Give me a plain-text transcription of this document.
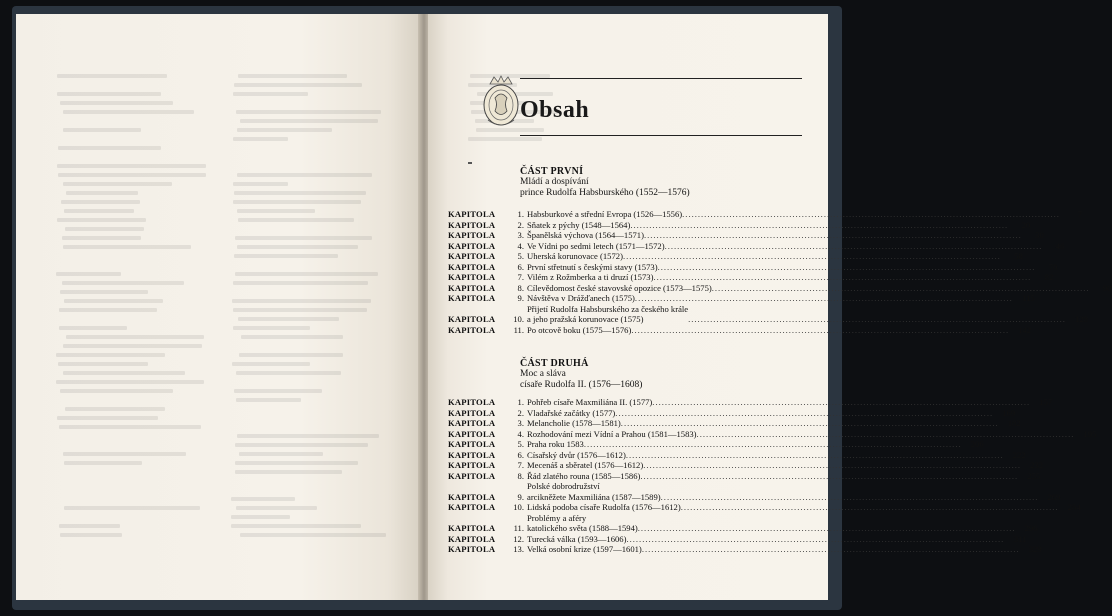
Obsah
ČÁST PRVNÍ
Mládí a dospívání
prince Rudolfa Habsburského (1552—1576)
KAPITOLA	1. Habsburkové a střední Evropa (1526—1556) ........................................................................................................................	7
KAPITOLA	2. Sňatek z pýchy (1548—1564) ........................................................................................................................	20
KAPITOLA	3. Španělská výchova (1564—1571) ........................................................................................................................	30
KAPITOLA	4. Ve Vídni po sedmi letech (1571—1572) ........................................................................................................................	46
KAPITOLA	5. Uherská korunovace (1572) ........................................................................................................................	58
KAPITOLA	6. První střetnutí s českými stavy (1573) ........................................................................................................................	70
KAPITOLA	7. Vilém z Rožmberka a ti druzí (1573) ........................................................................................................................	82
KAPITOLA	8. Cílevědomost české stavovské opozice (1573—1575) ........................................................................................................................	98
KAPITOLA	9. Návštěva v Drážďanech (1575) ........................................................................................................................	115
KAPITOLA	10.
Přijetí Rudolfa Habsburského za českého krále
a jeho pražská korunovace (1575)	........................................................................................................................	128
KAPITOLA	11. Po otcově boku (1575—1576) ........................................................................................................................	142
ČÁST DRUHÁ
Moc a sláva
císaře Rudolfa II. (1576—1608)
KAPITOLA	1. Pohřeb císaře Maxmiliána II. (1577) ........................................................................................................................	157
KAPITOLA	2. Vladařské začátky (1577) ........................................................................................................................	169
KAPITOLA	3. Melancholie (1578—1581) ........................................................................................................................	182
KAPITOLA	4. Rozhodování mezi Vídní a Prahou (1581—1583) ........................................................................................................................	195
KAPITOLA	5. Praha roku 1583 ........................................................................................................................	206
KAPITOLA	6. Císařský dvůr (1576—1612) ........................................................................................................................	222
KAPITOLA	7. Mecenáš a sběratel (1576—1612) ........................................................................................................................	232
KAPITOLA	8. Řád zlatého rouna (1585—1586) ........................................................................................................................	255
KAPITOLA	9.
Polské dobrodružství
arcikněžete Maxmiliána (1587—1589) ........................................................................................................................	269
KAPITOLA	10. Lidská podoba císaře Rudolfa (1576—1612) ........................................................................................................................	284
KAPITOLA	11.
Problémy a aféry
katolického světa (1588—1594) ........................................................................................................................	296
KAPITOLA	12. Turecká válka (1593—1606) ........................................................................................................................	311
KAPITOLA	13. Velká osobní krize (1597—1601) ........................................................................................................................	329
